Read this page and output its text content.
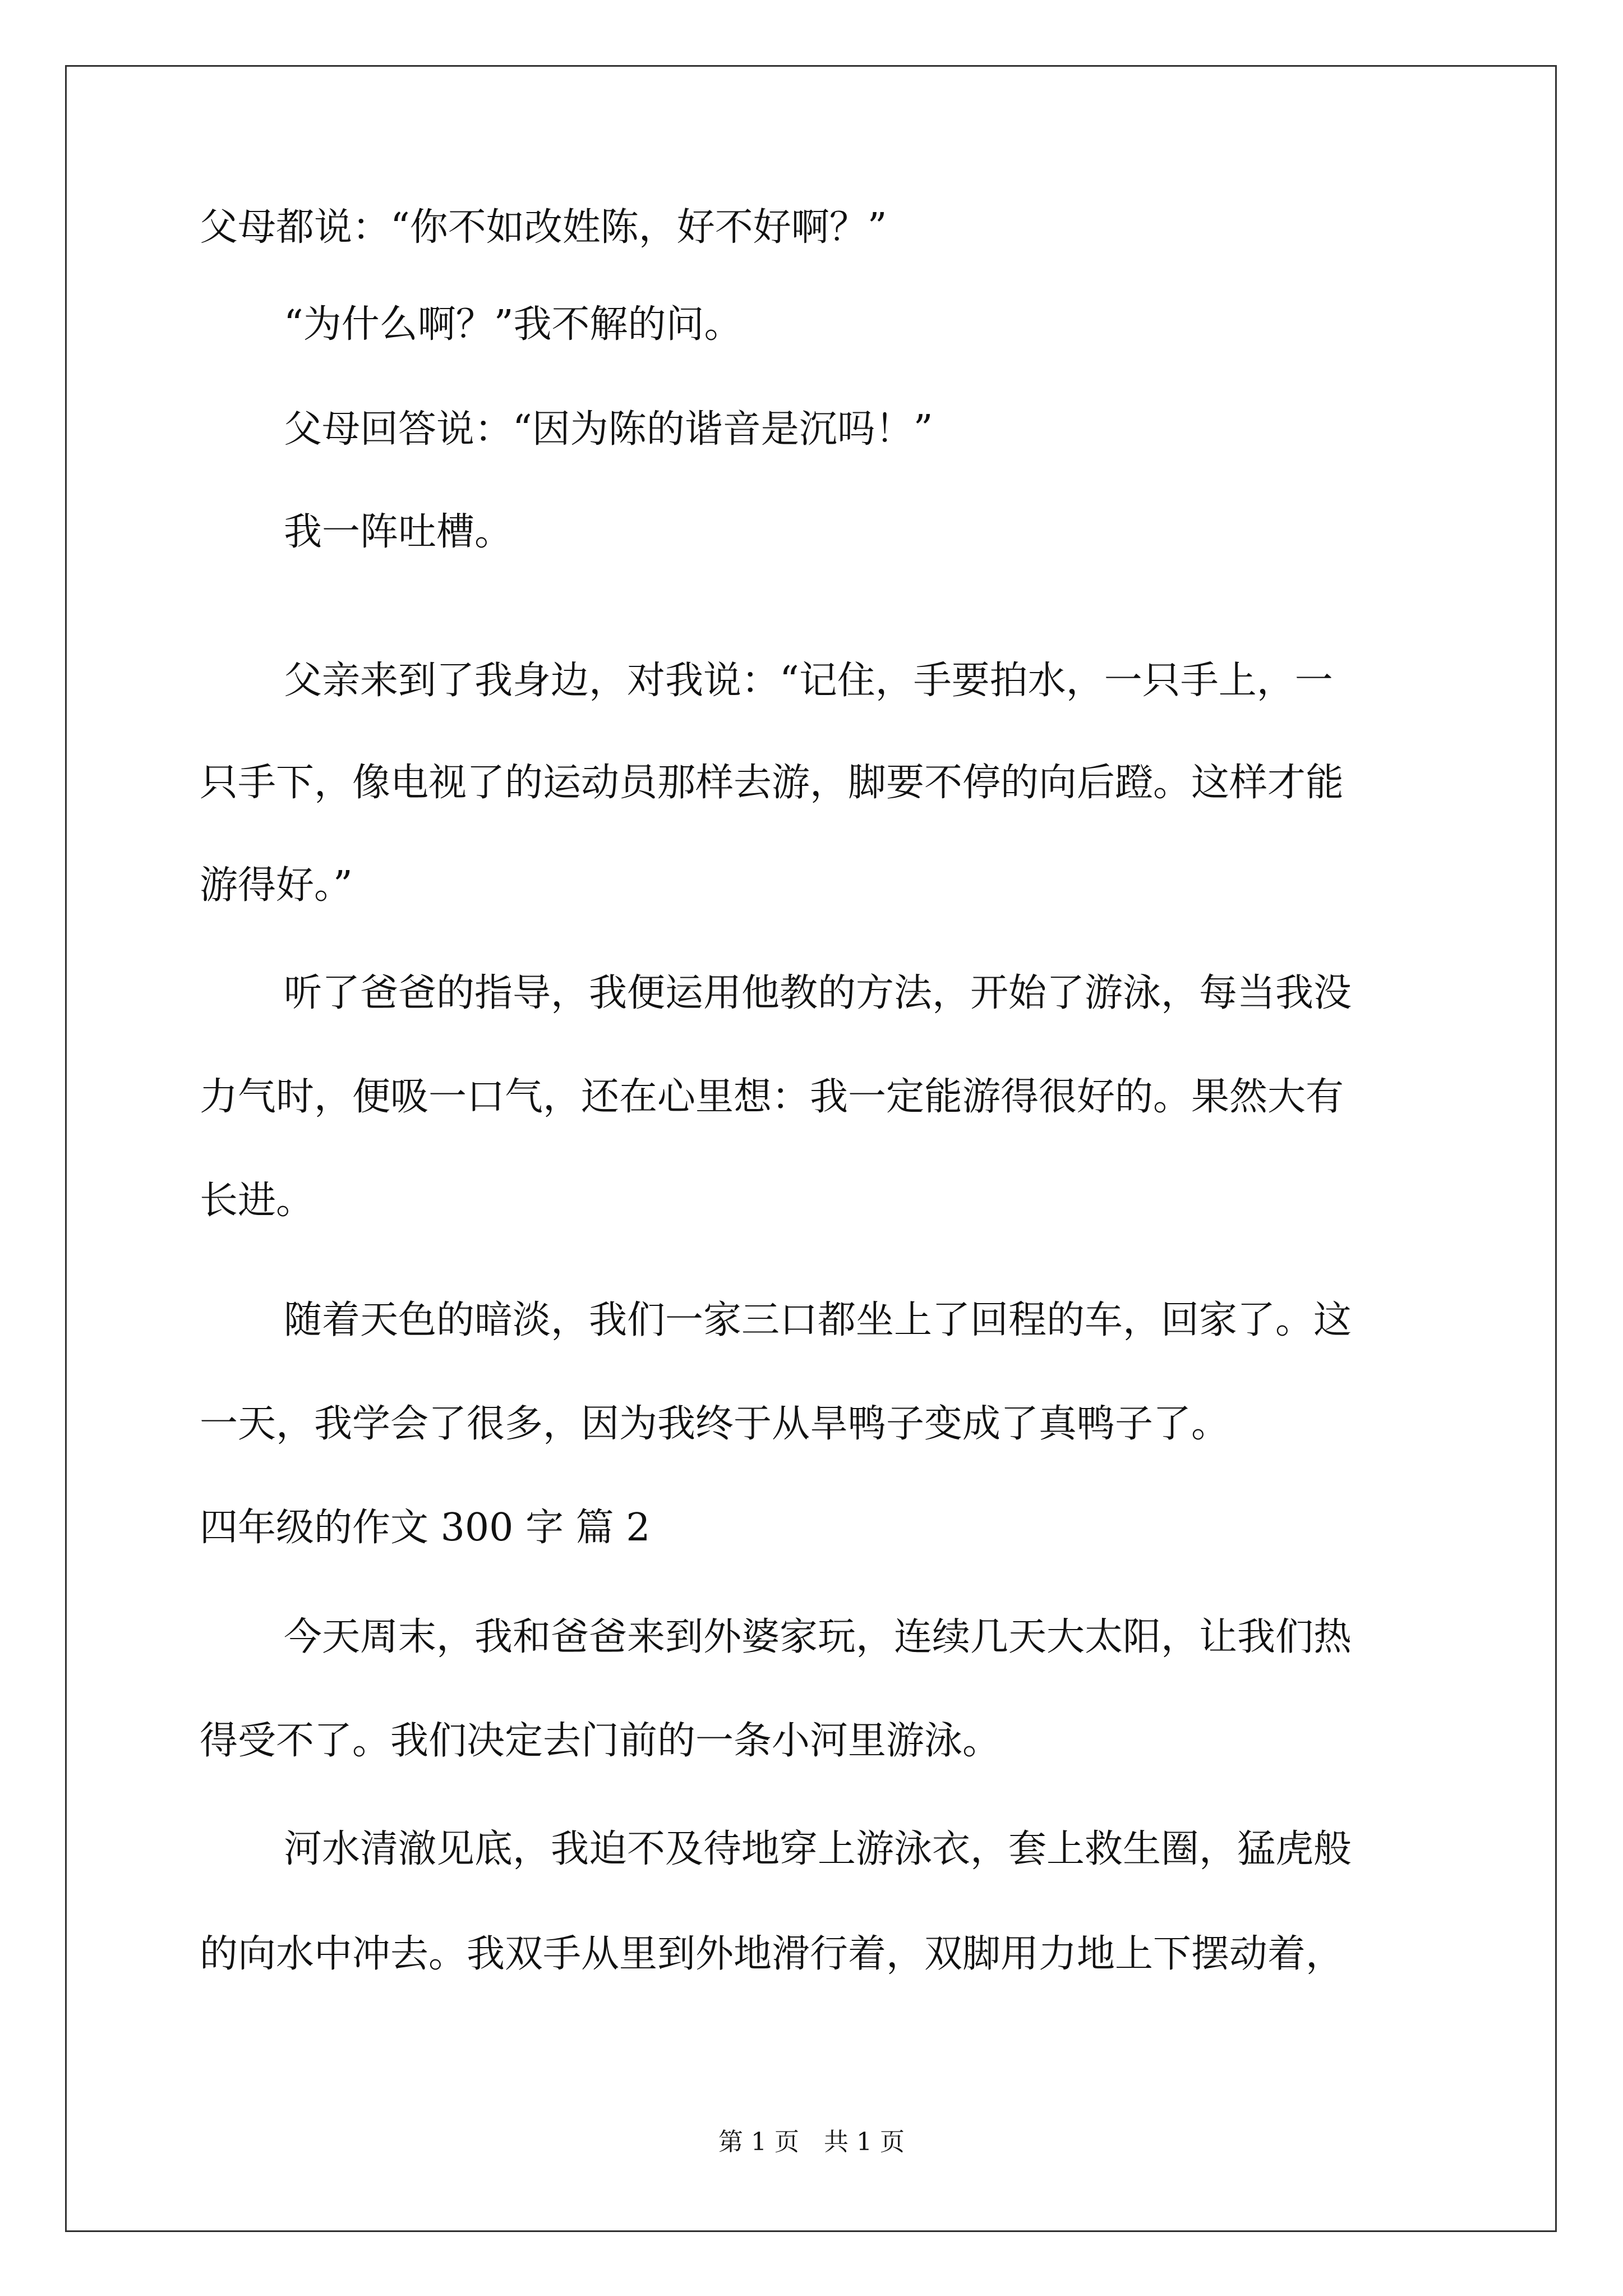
父母都说：“你不如改姓陈，好不好啊？”
“为什么啊？”我不解的问。
父母回答说：“因为陈的谐音是沉吗！”
我一阵吐槽。
父亲来到了我身边，对我说：“记住，手要拍水，一只手上，一
只手下，像电视了的运动员那样去游，脚要不停的向后蹬。这样才能
游得好。”
听了爸爸的指导，我便运用他教的方法，开始了游泳，每当我没
力气时，便吸一口气，还在心里想：我一定能游得很好的。果然大有
长进。
随着天色的暗淡，我们一家三口都坐上了回程的车，回家了。这
一天，我学会了很多，因为我终于从旱鸭子变成了真鸭子了。
四年级的作文 300 字 篇 2
今天周末，我和爸爸来到外婆家玩，连续几天大太阳，让我们热
得受不了。我们决定去门前的一条小河里游泳。
河水清澈见底，我迫不及待地穿上游泳衣，套上救生圈，猛虎般
的向水中冲去。我双手从里到外地滑行着，双脚用力地上下摆动着，
第 1 页　共 1 页
